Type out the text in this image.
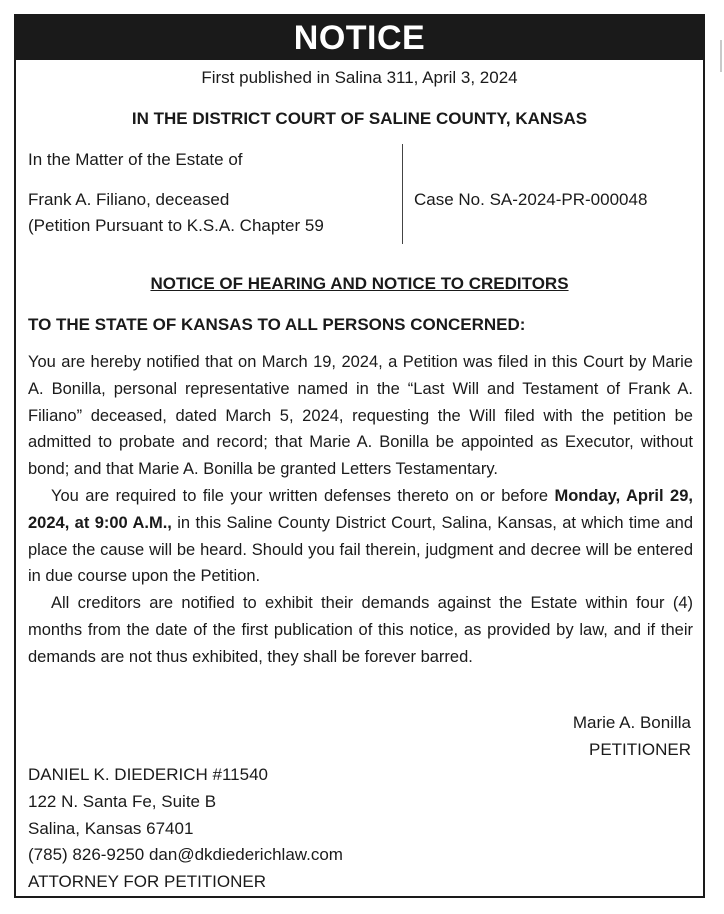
NOTICE
First published in Salina 311, April 3, 2024
IN THE DISTRICT COURT OF SALINE COUNTY, KANSAS
In the Matter of the Estate of
Frank A. Filiano, deceased
(Petition Pursuant to K.S.A. Chapter 59
Case No. SA-2024-PR-000048
NOTICE OF HEARING AND NOTICE TO CREDITORS
TO THE STATE OF KANSAS TO ALL PERSONS CONCERNED:

You are hereby notified that on March 19, 2024, a Petition was filed in this Court by Marie A. Bonilla, personal representative named in the “Last Will and Testament of Frank A. Filiano” deceased, dated March 5, 2024, requesting the Will filed with the petition be admitted to probate and record; that Marie A. Bonilla be appointed as Executor, without bond; and that Marie A. Bonilla be granted Letters Testamentary.

You are required to file your written defenses thereto on or before Monday, April 29, 2024, at 9:00 A.M., in this Saline County District Court, Salina, Kansas, at which time and place the cause will be heard. Should you fail therein, judgment and decree will be entered in due course upon the Petition.

All creditors are notified to exhibit their demands against the Estate within four (4) months from the date of the first publication of this notice, as provided by law, and if their demands are not thus exhibited, they shall be forever barred.

Marie A. Bonilla
PETITIONER
DANIEL K. DIEDERICH #11540
122 N. Santa Fe, Suite B
Salina, Kansas 67401
(785) 826-9250 dan@dkdiederichlaw.com
ATTORNEY FOR PETITIONER
